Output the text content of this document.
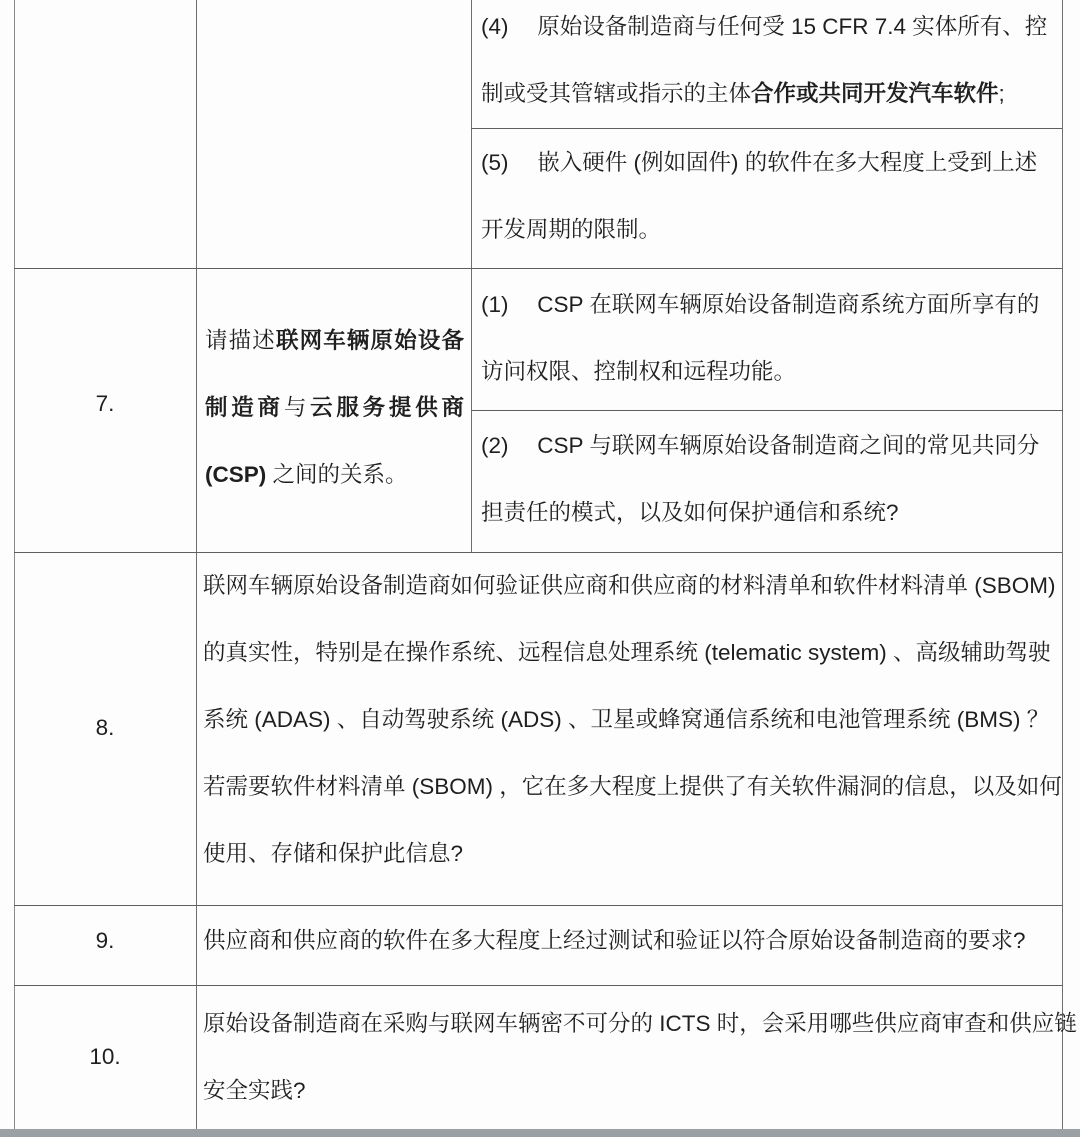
(4)　 原始设备制造商与任何受 15 CFR 7.4 实体所有、控
制或受其管辖或指示的主体合作或共同开发汽车软件;
(5)　 嵌入硬件 (例如固件) 的软件在多大程度上受到上述
开发周期的限制。
7.
请描述联网车辆原始设备
制造商与云服务提供商
(CSP) 之间的关系。
(1)　 CSP 在联网车辆原始设备制造商系统方面所享有的
访问权限、控制权和远程功能。
(2)　 CSP 与联网车辆原始设备制造商之间的常见共同分
担责任的模式，以及如何保护通信和系统?
8.
联网车辆原始设备制造商如何验证供应商和供应商的材料清单和软件材料清单 (SBOM)
的真实性，特别是在操作系统、远程信息处理系统 (telematic system) 、高级辅助驾驶
系统 (ADAS) 、自动驾驶系统 (ADS) 、卫星或蜂窝通信系统和电池管理系统 (BMS) ？
若需要软件材料清单 (SBOM) ，它在多大程度上提供了有关软件漏洞的信息，以及如何
使用、存储和保护此信息?
9.	供应商和供应商的软件在多大程度上经过测试和验证以符合原始设备制造商的要求?
10.
原始设备制造商在采购与联网车辆密不可分的 ICTS 时，会采用哪些供应商审查和供应链
安全实践?
